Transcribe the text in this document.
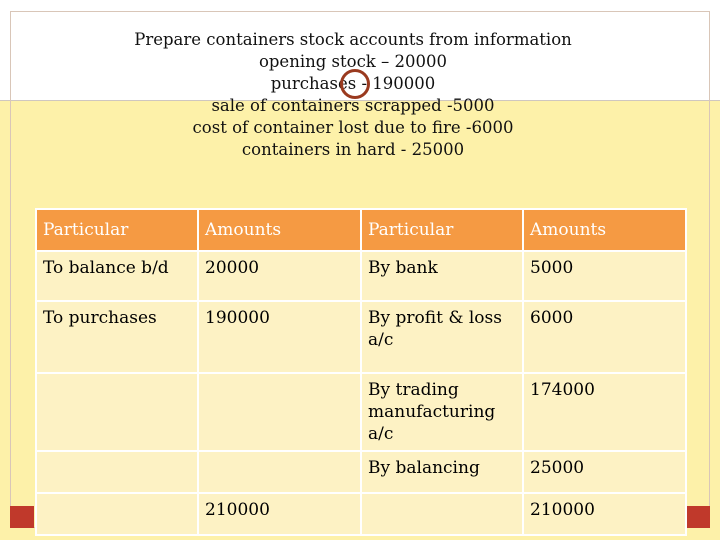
Prepare containers stock accounts from information
opening stock – 20000
purchases - 190000
sale of containers scrapped -5000
cost of container lost due to fire -6000
containers in hard - 25000
Particular	Amounts	Particular	Amounts
To balance b/d	20000	By bank	5000
To purchases	190000	By profit & loss a/c	6000
		By trading manufacturing a/c	174000
		By balancing	25000
	210000		210000
